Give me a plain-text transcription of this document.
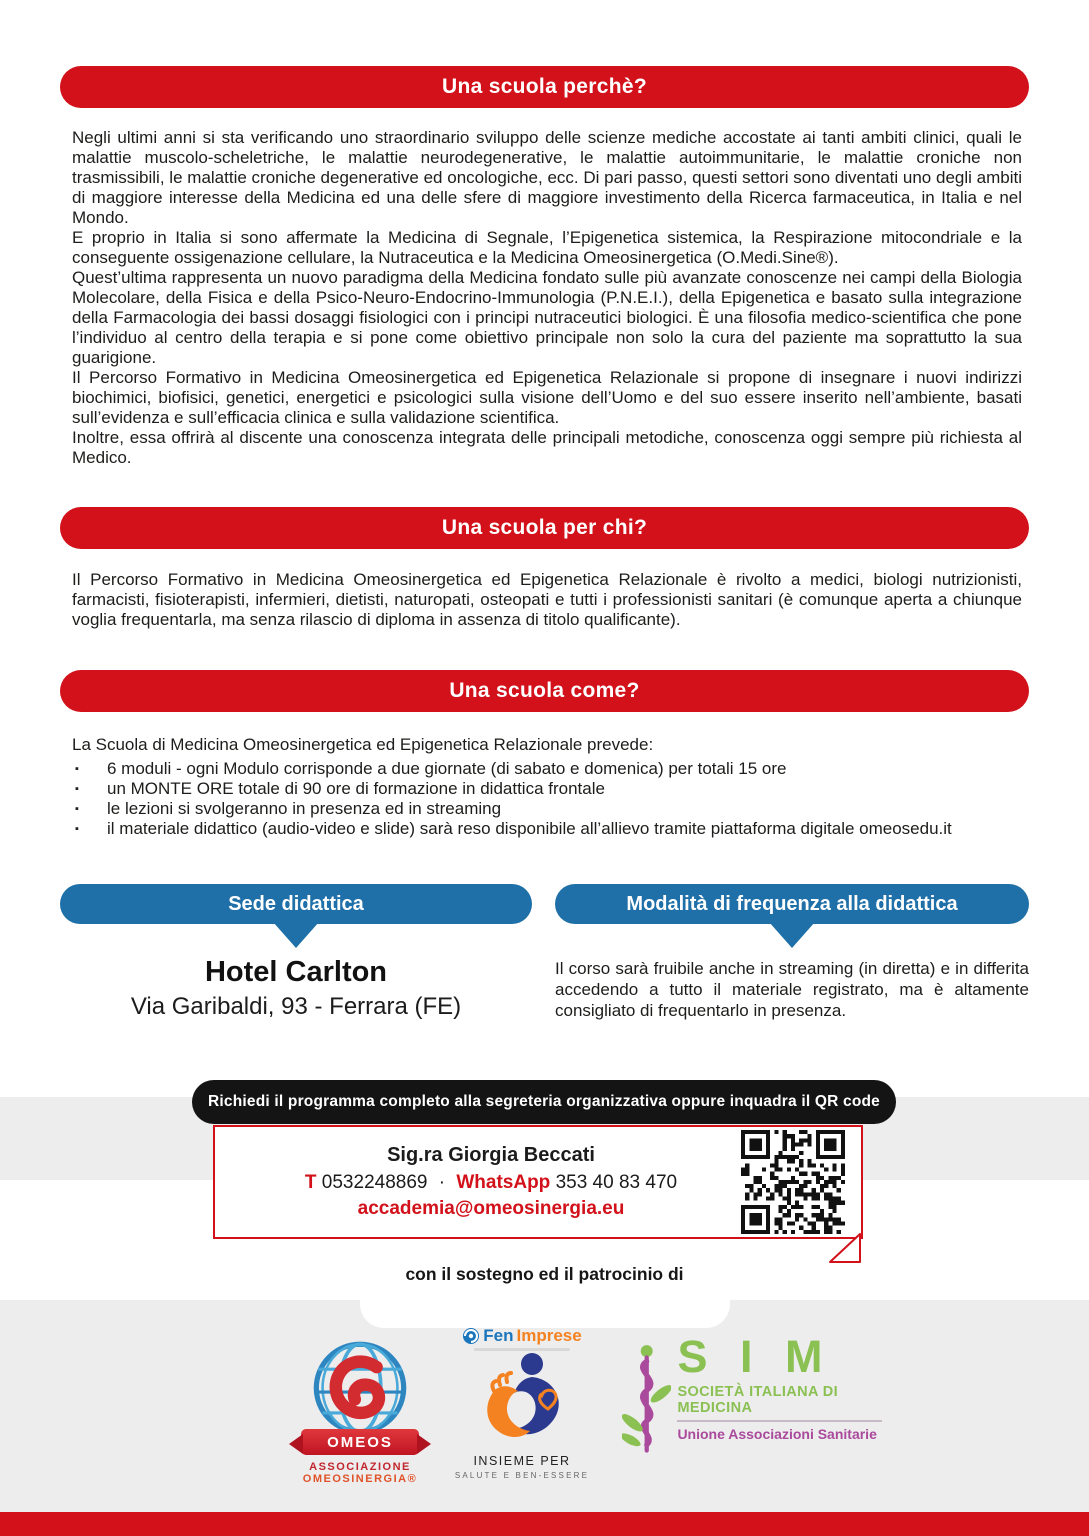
Una scuola perchè?

Negli ultimi anni si sta verificando uno straordinario sviluppo delle scienze mediche accostate ai tanti ambiti clinici, quali le malattie muscolo-scheletriche, le malattie neurodegenerative, le malattie autoimmunitarie, le malattie croniche non trasmissibili, le malattie croniche degenerative ed oncologiche, ecc. Di pari passo, questi settori sono diventati uno degli ambiti di maggiore interesse della Medicina ed una delle sfere di maggiore investimento della Ricerca farmaceutica, in Italia e nel Mondo.

E proprio in Italia si sono affermate la Medicina di Segnale, l’Epigenetica sistemica, la Respirazione mitocondriale e la conseguente ossigenazione cellulare, la Nutraceutica e la Medicina Omeosinergetica (O.Medi.Sine®).

Quest’ultima rappresenta un nuovo paradigma della Medicina fondato sulle più avanzate conoscenze nei campi della Biologia Molecolare, della Fisica e della Psico-Neuro-Endocrino-Immunologia (P.N.E.I.), della Epigenetica e basato sulla integrazione della Farmacologia dei bassi dosaggi fisiologici con i principi nutraceutici biologici. È una filosofia medico-scientifica che pone l’individuo al centro della terapia e si pone come obiettivo principale non solo la cura del paziente ma soprattutto la sua guarigione.

Il Percorso Formativo in Medicina Omeosinergetica ed Epigenetica Relazionale si propone di insegnare i nuovi indirizzi biochimici, biofisici, genetici, energetici e psicologici sulla visione dell’Uomo e del suo essere inserito nell’ambiente, basati sull’evidenza e sull’efficacia clinica e sulla validazione scientifica.

Inoltre, essa offrirà al discente una conoscenza integrata delle principali metodiche, conoscenza oggi sempre più richiesta al Medico.

Una scuola per chi?

Il Percorso Formativo in Medicina Omeosinergetica ed Epigenetica Relazionale è rivolto a medici, biologi nutrizionisti, farmacisti, fisioterapisti, infermieri, dietisti, naturopati, osteopati e tutti i professionisti sanitari (è comunque aperta a chiunque voglia frequentarla, ma senza rilascio di diploma in assenza di titolo qualificante).

Una scuola come?

La Scuola di Medicina Omeosinergetica ed Epigenetica Relazionale prevede:

▪	6 moduli - ogni Modulo corrisponde a due giornate (di sabato e domenica) per totali 15 ore
▪	un MONTE ORE totale di 90 ore di formazione in didattica frontale
▪	le lezioni si svolgeranno in presenza ed in streaming
▪	il materiale didattico (audio-video e slide) sarà reso disponibile all’allievo tramite piattaforma digitale omeosedu.it
Sede didattica
Hotel Carlton
Via Garibaldi, 93 - Ferrara (FE)
Modalità di frequenza alla didattica
Il corso sarà fruibile anche in streaming (in diretta) e in differita accedendo a tutto il materiale registrato, ma è altamente consigliato di frequentarlo in presenza.
Richiedi il programma completo alla segreteria organizzativa oppure inquadra il QR code
Sig.ra Giorgia Beccati
T 0532248869 · WhatsApp 353 40 83 470
accademia@omeosinergia.eu
con il sostegno ed il patrocinio di
OMEOS
ASSOCIAZIONE
OMEOSINERGIA®
Fen Imprese
INSIEME PER
SALUTE E BEN-ESSERE
S I M
SOCIETÀ ITALIANA DI MEDICINA
Unione Associazioni Sanitarie
